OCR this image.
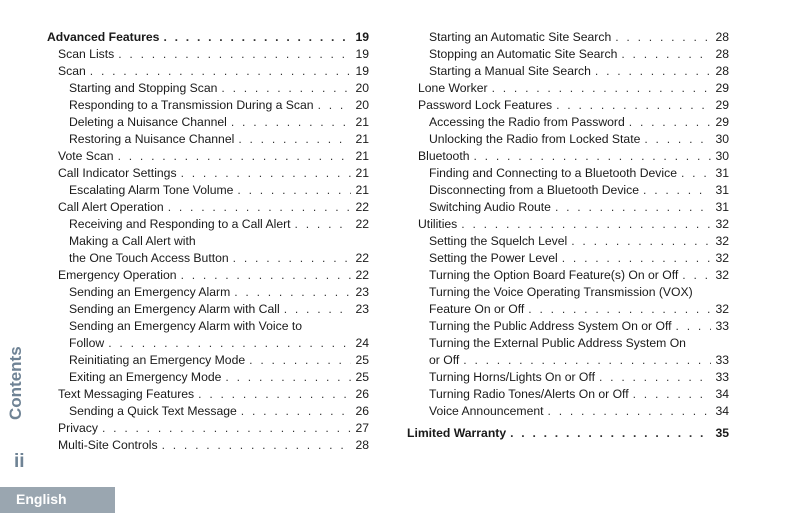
Advanced Features . . .	19
Scan Lists . . .	19
Scan . . .	19
Starting and Stopping Scan . . .	20
Responding to a Transmission During a Scan . . .	20
Deleting a Nuisance Channel . . .	21
Restoring a Nuisance Channel . . .	21
Vote Scan . . .	21
Call Indicator Settings . . .	21
Escalating Alarm Tone Volume . . .	21
Call Alert Operation . . .	22
Receiving and Responding to a Call Alert . . .	22
Making a Call Alert with
the One Touch Access Button . . .	22
Emergency Operation . . .	22
Sending an Emergency Alarm . . .	23
Sending an Emergency Alarm with Call . . .	23
Sending an Emergency Alarm with Voice to
Follow . . .	24
Reinitiating an Emergency Mode . . .	25
Exiting an Emergency Mode . . .	25
Text Messaging Features . . .	26
Sending a Quick Text Message . . .	26
Privacy . . .	27
Multi-Site Controls . . .	28
Starting an Automatic Site Search . . .	28
Stopping an Automatic Site Search . . .	28
Starting a Manual Site Search . . .	28
Lone Worker . . .	29
Password Lock Features . . .	29
Accessing the Radio from Password . . .	29
Unlocking the Radio from Locked State . . .	30
Bluetooth . . .	30
Finding and Connecting to a Bluetooth Device . . .	31
Disconnecting from a Bluetooth Device . . .	31
Switching Audio Route . . .	31
Utilities . . .	32
Setting the Squelch Level . . .	32
Setting the Power Level . . .	32
Turning the Option Board Feature(s) On or Off . . .	32
Turning the Voice Operating Transmission (VOX)
Feature On or Off . . .	32
Turning the Public Address System On or Off . . .	33
Turning the External Public Address System On
or Off . . .	33
Turning Horns/Lights On or Off . . .	33
Turning Radio Tones/Alerts On or Off . . .	34
Voice Announcement . . .	34
Limited Warranty . . .	35
Contents
ii
English
